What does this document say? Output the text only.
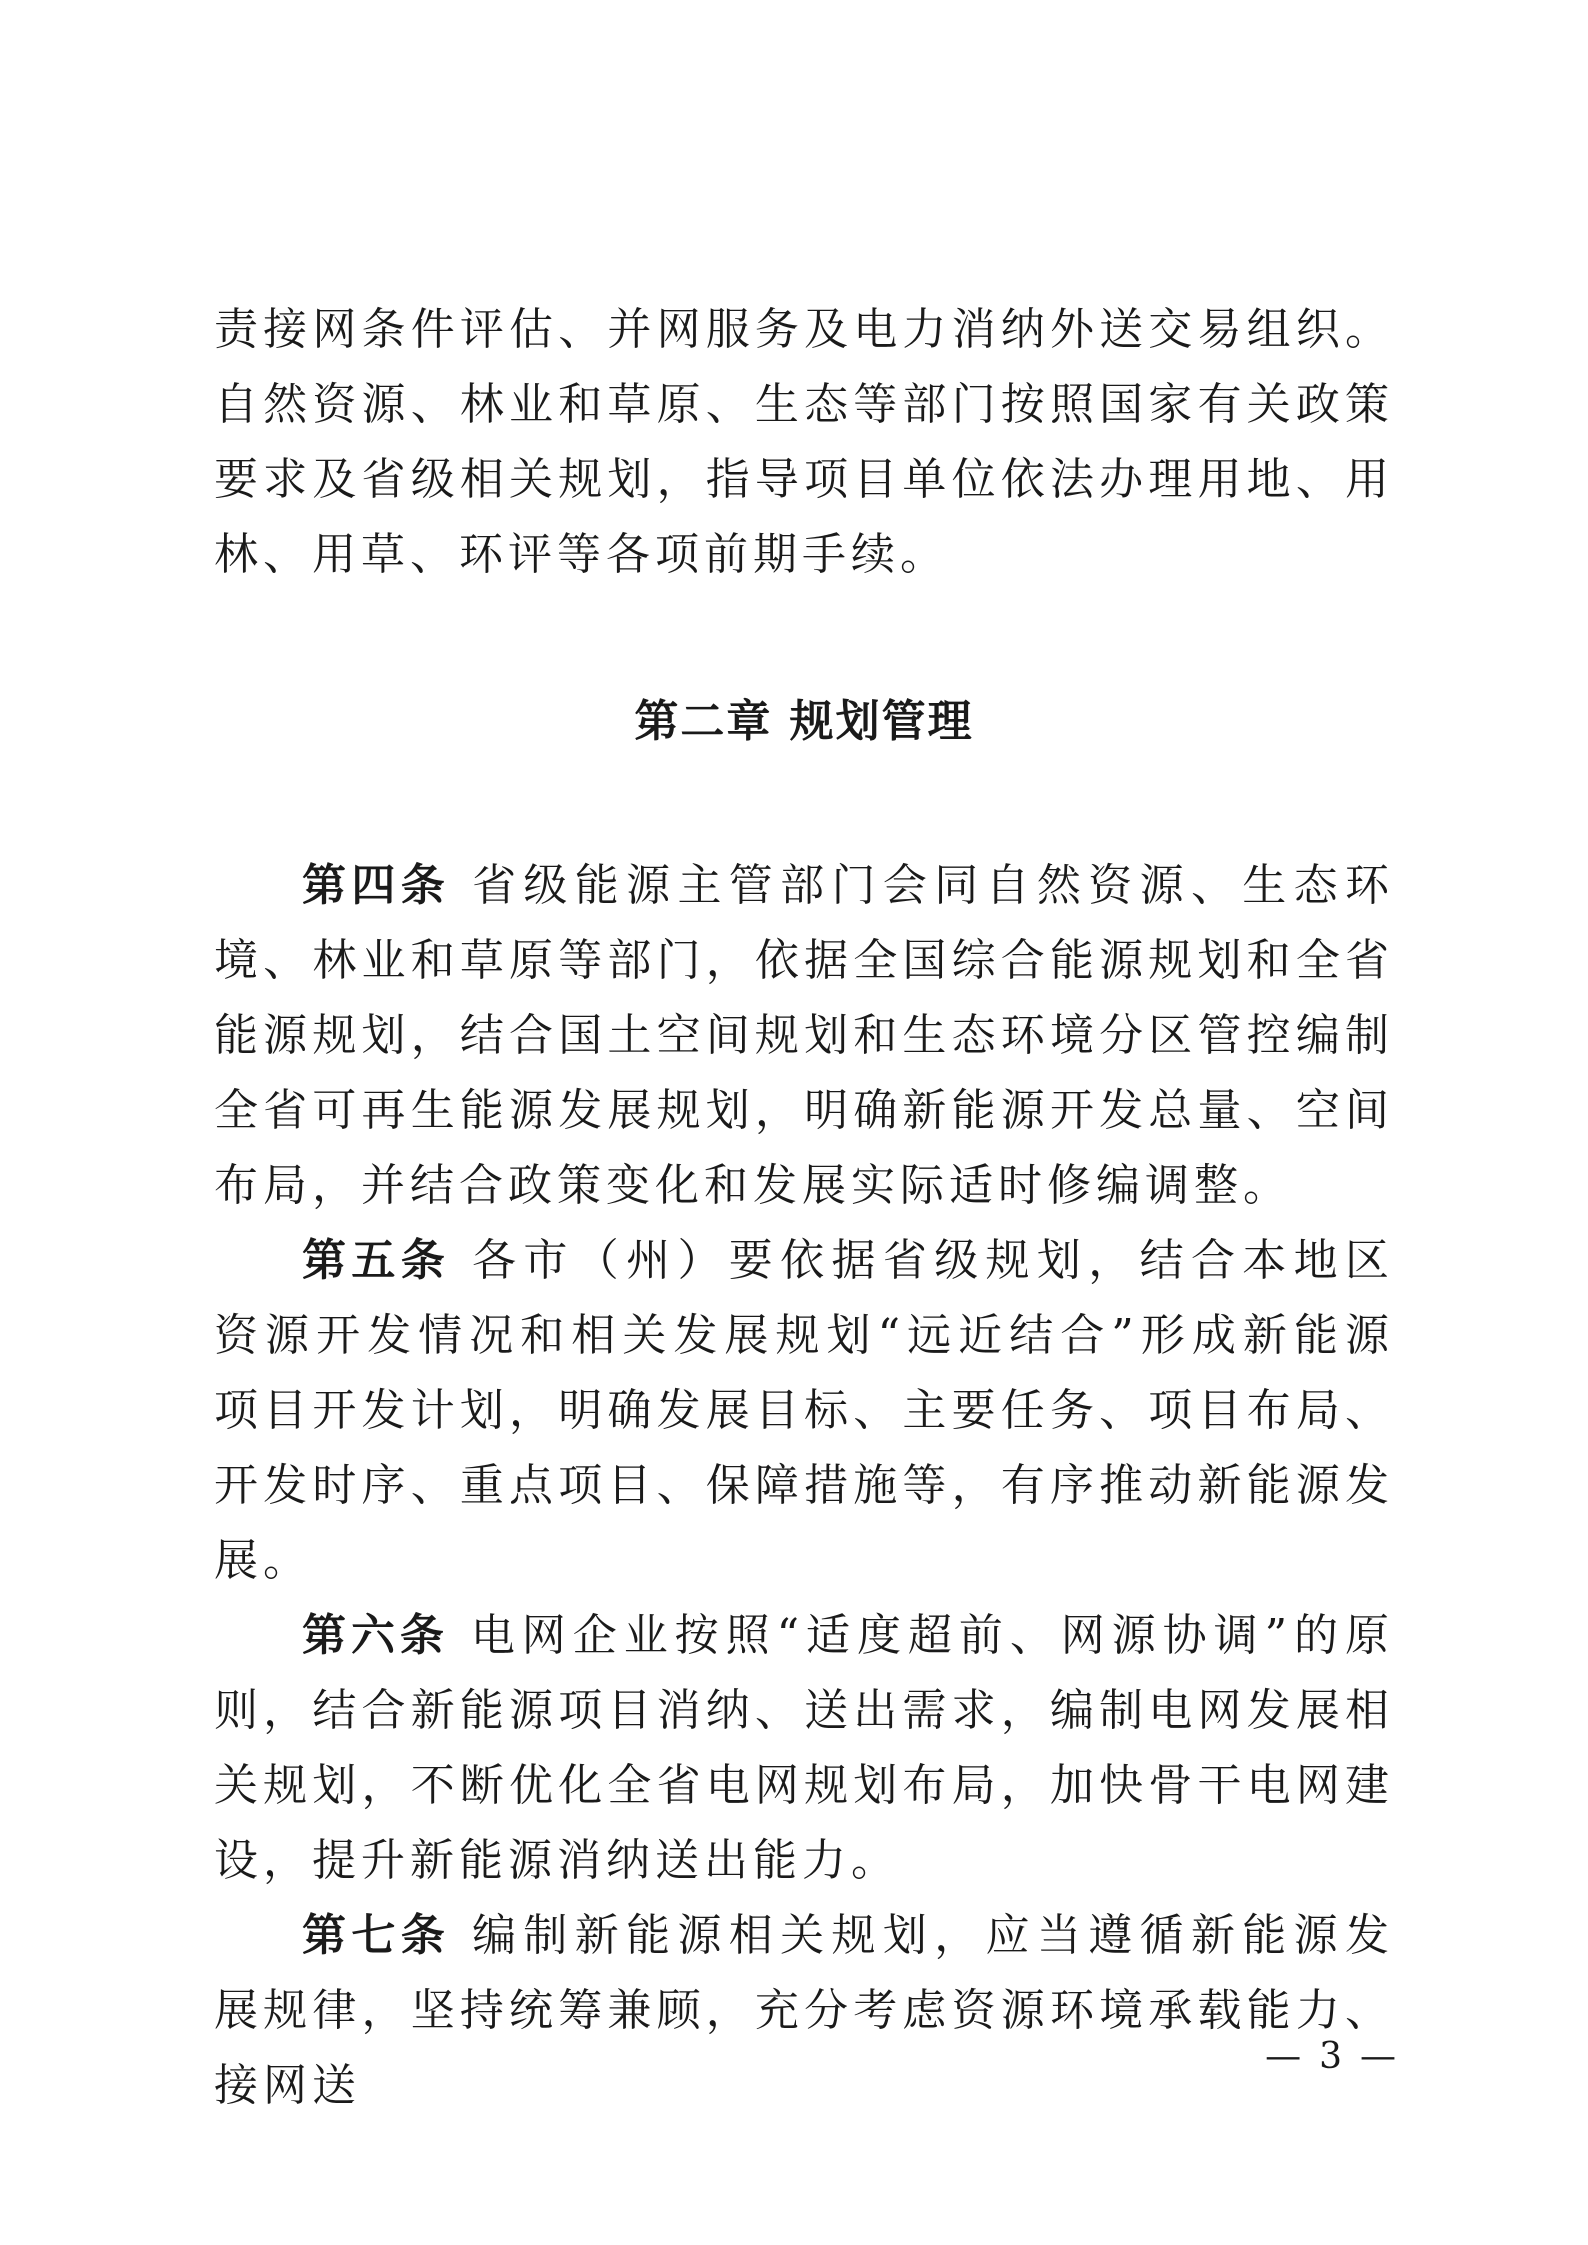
责接网条件评估、并网服务及电力消纳外送交易组织。自然资源、林业和草原、生态等部门按照国家有关政策要求及省级相关规划，指导项目单位依法办理用地、用林、用草、环评等各项前期手续。

第二章 规划管理

第四条 省级能源主管部门会同自然资源、生态环境、林业和草原等部门，依据全国综合能源规划和全省能源规划，结合国土空间规划和生态环境分区管控编制全省可再生能源发展规划，明确新能源开发总量、空间布局，并结合政策变化和发展实际适时修编调整。

第五条 各市（州）要依据省级规划，结合本地区资源开发情况和相关发展规划“远近结合”形成新能源项目开发计划，明确发展目标、主要任务、项目布局、开发时序、重点项目、保障措施等，有序推动新能源发展。

第六条 电网企业按照“适度超前、网源协调”的原则，结合新能源项目消纳、送出需求，编制电网发展相关规划，不断优化全省电网规划布局，加快骨干电网建设，提升新能源消纳送出能力。

第七条 编制新能源相关规划，应当遵循新能源发展规律，坚持统筹兼顾，充分考虑资源环境承载能力、接网送

— 3 —
